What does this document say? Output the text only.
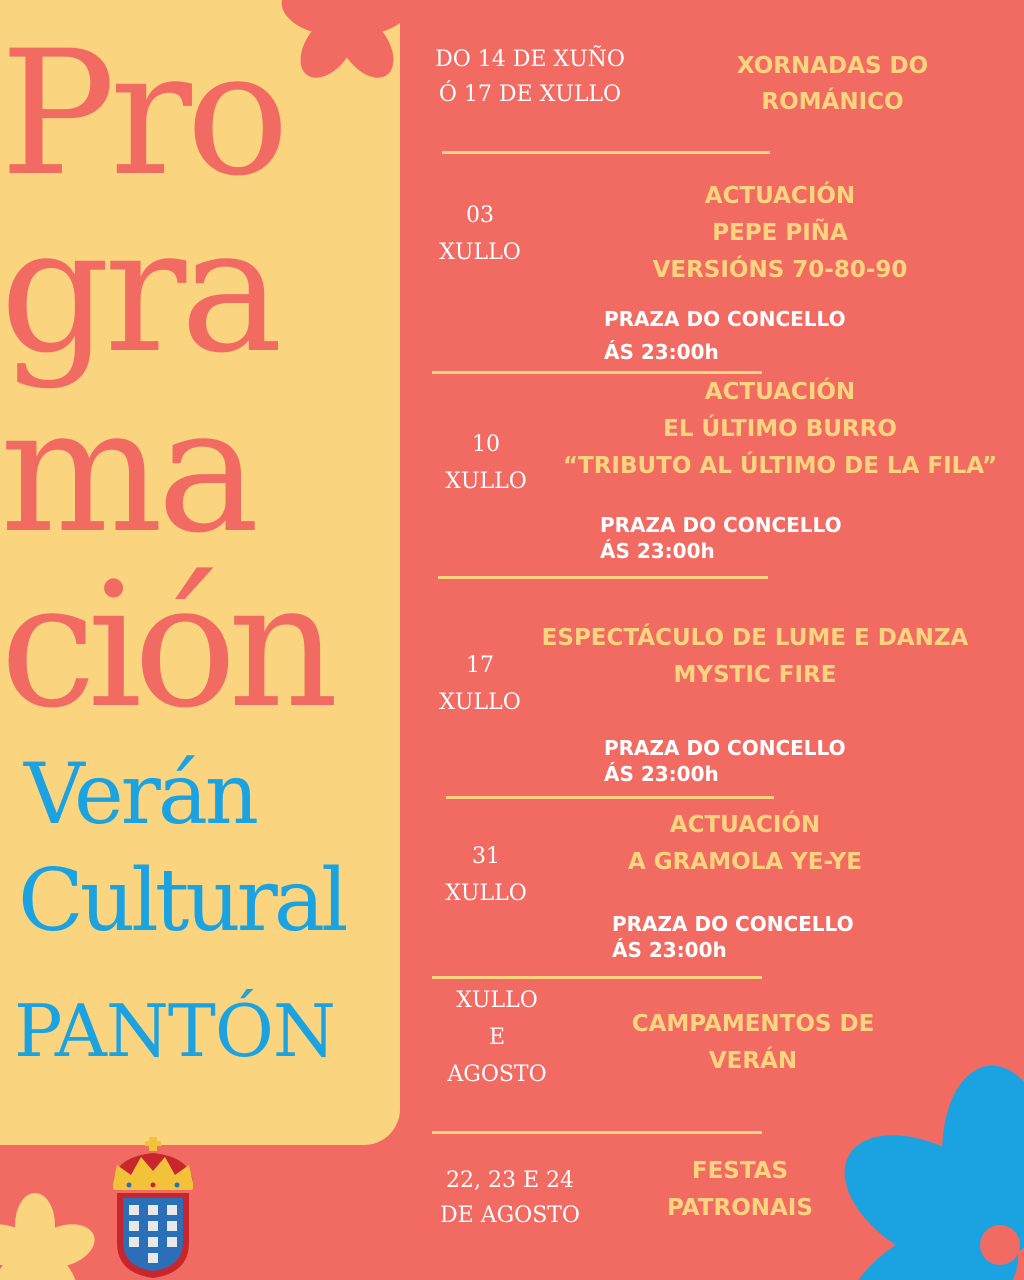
Pro
gra
ma
ción
Verán
Cultural
PANTÓN
DO 14 DE XUÑO
Ó 17 DE XULLO
XORNADAS DO
ROMÁNICO
03
XULLO
ACTUACIÓN
PEPE PIÑA
VERSIÓNS 70-80-90
PRAZA DO CONCELLO
ÁS 23:00h
10
XULLO
ACTUACIÓN
EL ÚLTIMO BURRO
“TRIBUTO AL ÚLTIMO DE LA FILA”
PRAZA DO CONCELLO
ÁS 23:00h
17
XULLO
ESPECTÁCULO DE LUME E DANZA
MYSTIC FIRE
PRAZA DO CONCELLO
ÁS 23:00h
31
XULLO
ACTUACIÓN
A GRAMOLA YE-YE
PRAZA DO CONCELLO
ÁS 23:00h
XULLO
E
AGOSTO
CAMPAMENTOS DE
VERÁN
22, 23 E 24
DE AGOSTO
FESTAS
PATRONAIS
